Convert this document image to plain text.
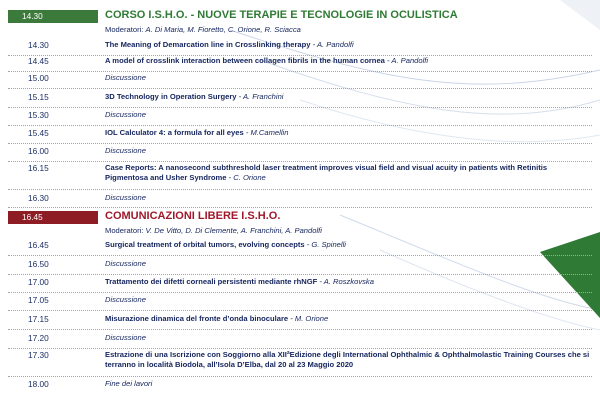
14.30	CORSO I.S.H.O. - NUOVE TERAPIE E TECNOLOGIE IN OCULISTICA
Moderatori: A. Di Maria, M. Fioretto, C. Orione, R. Sciacca
14.30	The Meaning of Demarcation line in Crosslinking therapy - A. Pandolfi
14.45	A model of crosslink interaction between collagen fibrils in the human cornea - A. Pandolfi
15.00	Discussione
15.15	3D Technology in Operation Surgery - A. Franchini
15.30	Discussione
15.45	IOL Calculator 4: a formula for all eyes - M.Camellin
16.00	Discussione
16.15	Case Reports: A nanosecond subthreshold laser treatment improves visual field and visual acuity in patients with Retinitis Pigmentosa and Usher Syndrome - C. Orione
16.30	Discussione
16.45	COMUNICAZIONI LIBERE I.S.H.O.
Moderatori: V. De Vitto, D. Di Clemente, A. Franchini, A. Pandolfi
16.45	Surgical treatment of orbital tumors, evolving concepts - G. Spinelli
16.50	Discussione
17.00	Trattamento dei difetti corneali persistenti mediante rhNGF - A. Roszkovska
17.05	Discussione
17.15	Misurazione dinamica del fronte d’onda binoculare - M. Orione
17.20	Discussione
17.30	Estrazione di una Iscrizione con Soggiorno alla XIIªEdizione degli International Ophthalmic & Ophthalmolastic Training Courses che si terranno in località Biodola, all’Isola D’Elba, dal 20 al 23 Maggio 2020
18.00	Fine dei lavori
